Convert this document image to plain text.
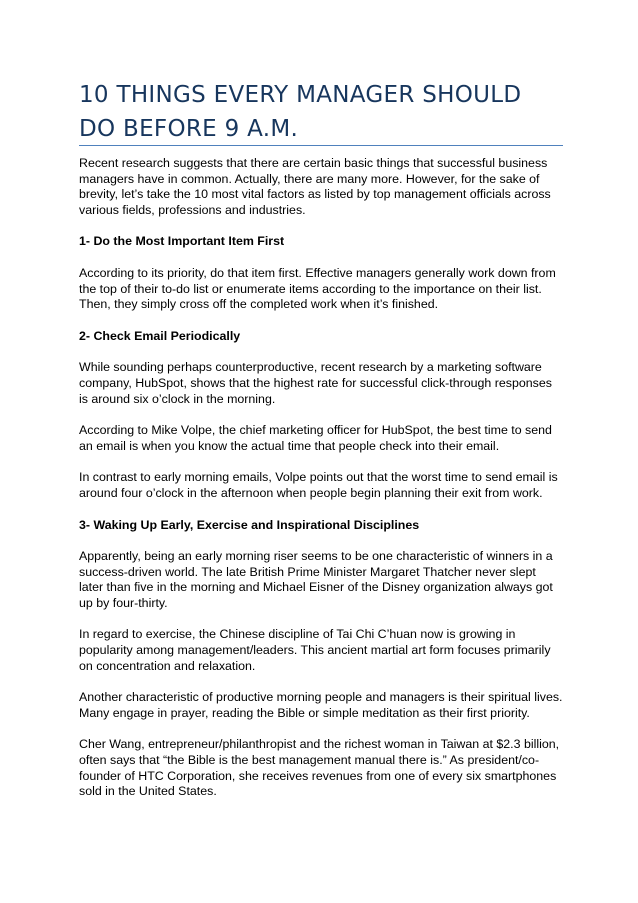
10 THINGS EVERY MANAGER SHOULD DO BEFORE 9 A.M.

Recent research suggests that there are certain basic things that successful business managers have in common. Actually, there are many more. However, for the sake of brevity, let’s take the 10 most vital factors as listed by top management officials across various fields, professions and industries.

1- Do the Most Important Item First

According to its priority, do that item first. Effective managers generally work down from the top of their to-do list or enumerate items according to the importance on their list. Then, they simply cross off the completed work when it’s finished.

2- Check Email Periodically

While sounding perhaps counterproductive, recent research by a marketing software company, HubSpot, shows that the highest rate for successful click-through responses is around six o’clock in the morning.

According to Mike Volpe, the chief marketing officer for HubSpot, the best time to send an email is when you know the actual time that people check into their email.

In contrast to early morning emails, Volpe points out that the worst time to send email is around four o’clock in the afternoon when people begin planning their exit from work.

3- Waking Up Early, Exercise and Inspirational Disciplines

Apparently, being an early morning riser seems to be one characteristic of winners in a success-driven world. The late British Prime Minister Margaret Thatcher never slept later than five in the morning and Michael Eisner of the Disney organization always got up by four-thirty.

In regard to exercise, the Chinese discipline of Tai Chi C’huan now is growing in popularity among management/leaders. This ancient martial art form focuses primarily on concentration and relaxation.

Another characteristic of productive morning people and managers is their spiritual lives. Many engage in prayer, reading the Bible or simple meditation as their first priority.

Cher Wang, entrepreneur/philanthropist and the richest woman in Taiwan at $2.3 billion, often says that “the Bible is the best management manual there is.” As president/co-founder of HTC Corporation, she receives revenues from one of every six smartphones sold in the United States.
